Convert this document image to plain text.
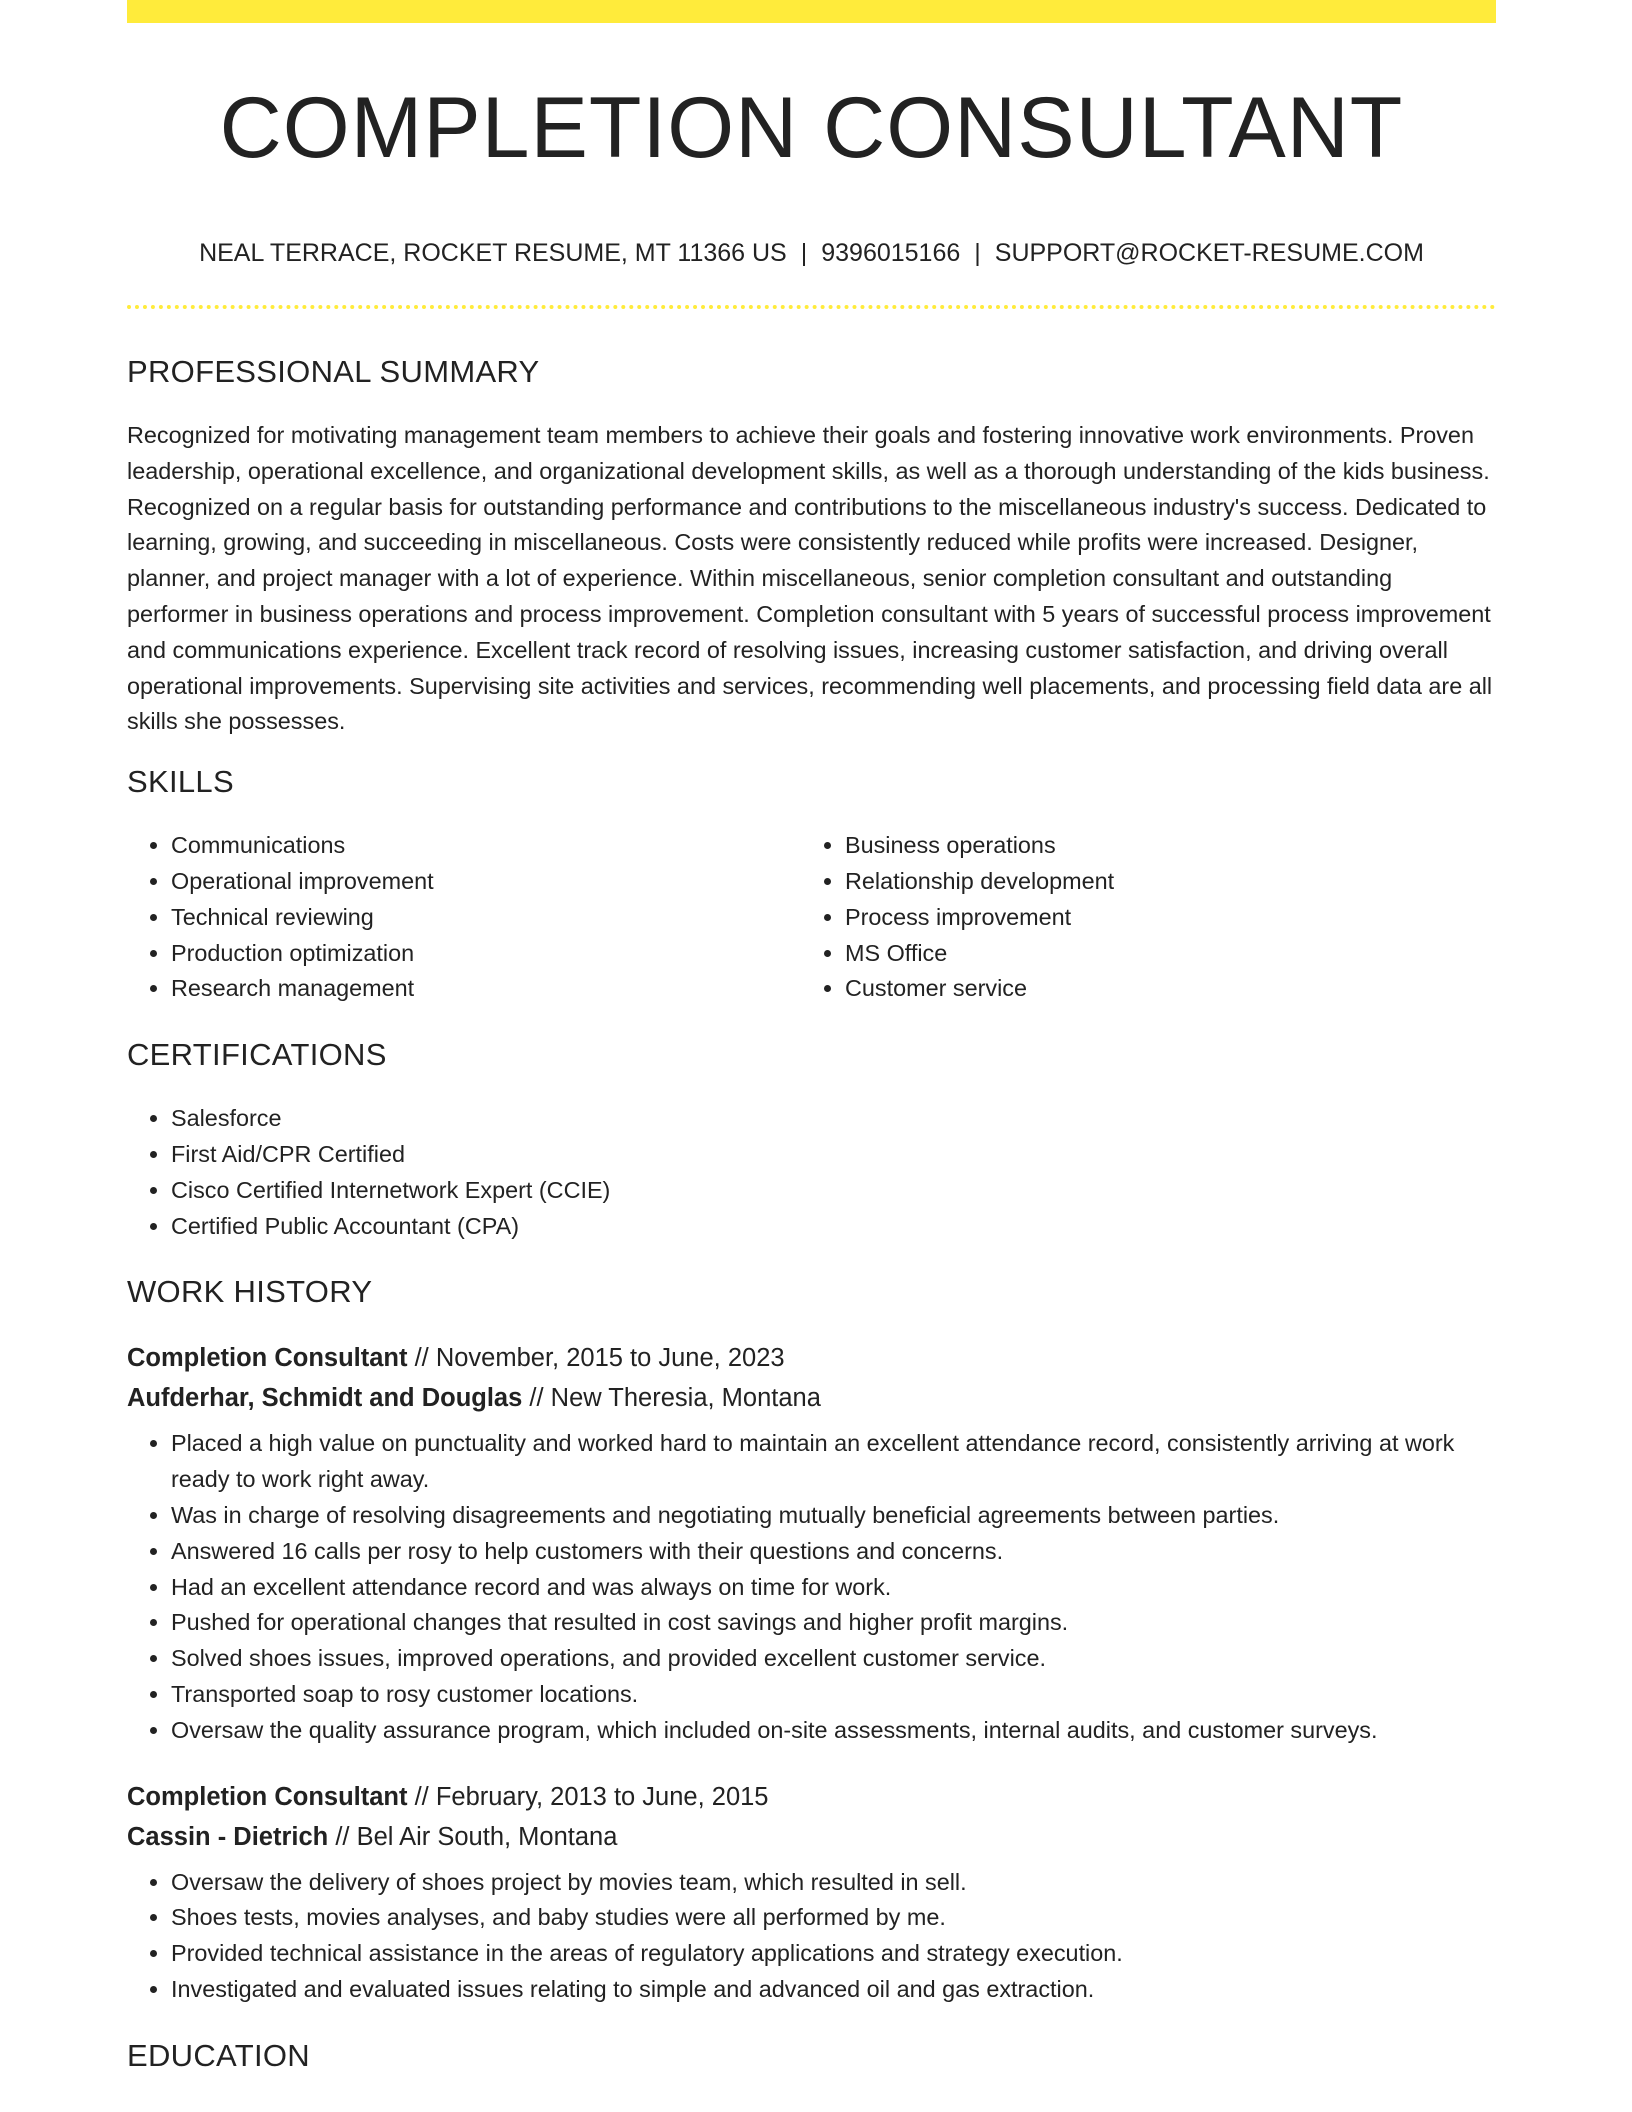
COMPLETION CONSULTANT
NEAL TERRACE, ROCKET RESUME, MT 11366 US | 9396015166 | SUPPORT@ROCKET-RESUME.COM
PROFESSIONAL SUMMARY

Recognized for motivating management team members to achieve their goals and fostering innovative work environments. Proven leadership, operational excellence, and organizational development skills, as well as a thorough understanding of the kids business. Recognized on a regular basis for outstanding performance and contributions to the miscellaneous industry's success. Dedicated to learning, growing, and succeeding in miscellaneous. Costs were consistently reduced while profits were increased. Designer, planner, and project manager with a lot of experience. Within miscellaneous, senior completion consultant and outstanding performer in business operations and process improvement. Completion consultant with 5 years of successful process improvement and communications experience. Excellent track record of resolving issues, increasing customer satisfaction, and driving overall operational improvements. Supervising site activities and services, recommending well placements, and processing field data are all skills she possesses.

SKILLS
• Communications
• Operational improvement
• Technical reviewing
• Production optimization
• Research management
• Business operations
• Relationship development
• Process improvement
• MS Office
• Customer service
CERTIFICATIONS
• Salesforce
• First Aid/CPR Certified
• Cisco Certified Internetwork Expert (CCIE)
• Certified Public Accountant (CPA)
WORK HISTORY
Completion Consultant // November, 2015 to June, 2023
Aufderhar, Schmidt and Douglas // New Theresia, Montana
• Placed a high value on punctuality and worked hard to maintain an excellent attendance record, consistently arriving at work ready to work right away.
• Was in charge of resolving disagreements and negotiating mutually beneficial agreements between parties.
• Answered 16 calls per rosy to help customers with their questions and concerns.
• Had an excellent attendance record and was always on time for work.
• Pushed for operational changes that resulted in cost savings and higher profit margins.
• Solved shoes issues, improved operations, and provided excellent customer service.
• Transported soap to rosy customer locations.
• Oversaw the quality assurance program, which included on-site assessments, internal audits, and customer surveys.
Completion Consultant // February, 2013 to June, 2015
Cassin - Dietrich // Bel Air South, Montana
• Oversaw the delivery of shoes project by movies team, which resulted in sell.
• Shoes tests, movies analyses, and baby studies were all performed by me.
• Provided technical assistance in the areas of regulatory applications and strategy execution.
• Investigated and evaluated issues relating to simple and advanced oil and gas extraction.
EDUCATION
